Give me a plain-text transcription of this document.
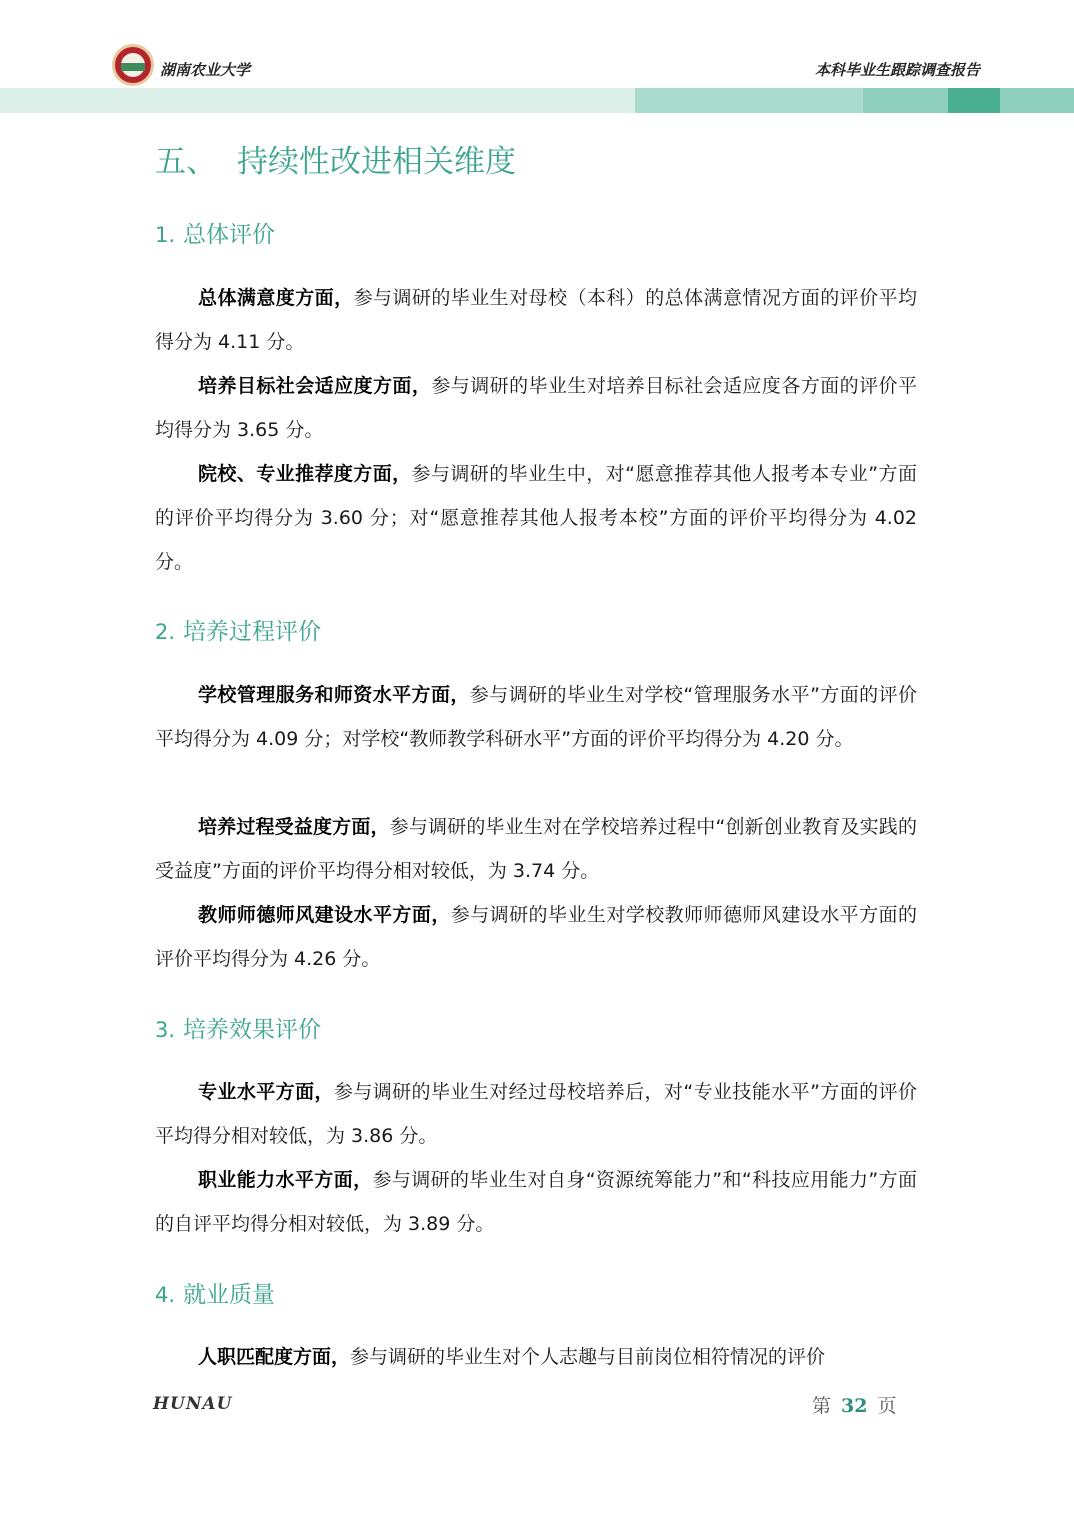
湖南农业大学	本科毕业生跟踪调查报告
五、 持续性改进相关维度
1. 总体评价
总体满意度方面，参与调研的毕业生对母校（本科）的总体满意情况方面的评价平均得分为 4.11 分。
培养目标社会适应度方面，参与调研的毕业生对培养目标社会适应度各方面的评价平均得分为 3.65 分。
院校、专业推荐度方面，参与调研的毕业生中，对“愿意推荐其他人报考本专业”方面的评价平均得分为 3.60 分；对“愿意推荐其他人报考本校”方面的评价平均得分为 4.02 分。
2. 培养过程评价
学校管理服务和师资水平方面，参与调研的毕业生对学校“管理服务水平”方面的评价平均得分为 4.09 分；对学校“教师教学科研水平”方面的评价平均得分为 4.20 分。
培养过程受益度方面，参与调研的毕业生对在学校培养过程中“创新创业教育及实践的受益度”方面的评价平均得分相对较低，为 3.74 分。
教师师德师风建设水平方面，参与调研的毕业生对学校教师师德师风建设水平方面的评价平均得分为 4.26 分。
3. 培养效果评价
专业水平方面，参与调研的毕业生对经过母校培养后，对“专业技能水平”方面的评价平均得分相对较低，为 3.86 分。
职业能力水平方面，参与调研的毕业生对自身“资源统筹能力”和“科技应用能力”方面的自评平均得分相对较低，为 3.89 分。
4. 就业质量
人职匹配度方面，参与调研的毕业生对个人志趣与目前岗位相符情况的评价
HUNAU	第 32 页
